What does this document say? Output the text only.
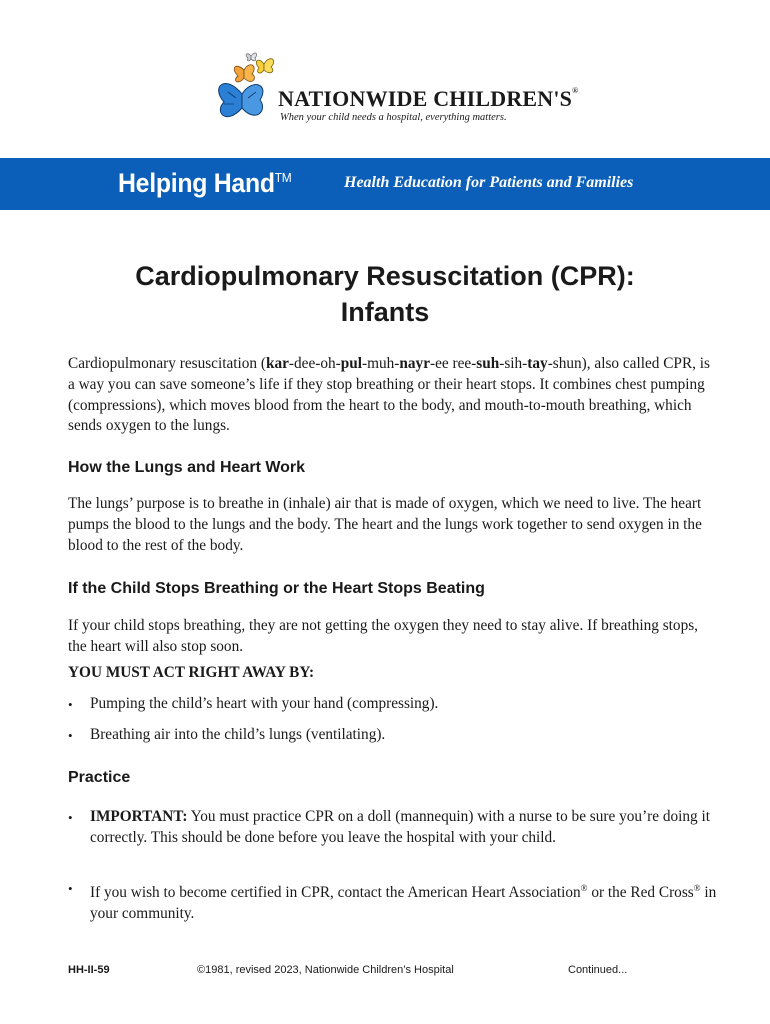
NATIONWIDE CHILDREN'S®
When your child needs a hospital, everything matters.
Helping Hand™	Health Education for Patients and Families
Cardiopulmonary Resuscitation (CPR):
Infants

Cardiopulmonary resuscitation (kar-dee-oh-pul-muh-nayr-ee ree-suh-sih-tay-shun), also called CPR, is a way you can save someone’s life if they stop breathing or their heart stops. It combines chest pumping (compressions), which moves blood from the heart to the body, and mouth-to-mouth breathing, which sends oxygen to the lungs.

How the Lungs and Heart Work

The lungs’ purpose is to breathe in (inhale) air that is made of oxygen, which we need to live. The heart pumps the blood to the lungs and the body. The heart and the lungs work together to send oxygen in the blood to the rest of the body.

If the Child Stops Breathing or the Heart Stops Beating

If your child stops breathing, they are not getting the oxygen they need to stay alive. If breathing stops, the heart will also stop soon.

YOU MUST ACT RIGHT AWAY BY:
•	Pumping the child’s heart with your hand (compressing).
•	Breathing air into the child’s lungs (ventilating).
Practice
•	IMPORTANT: You must practice CPR on a doll (mannequin) with a nurse to be sure you’re doing it correctly. This should be done before you leave the hospital with your child.
•	If you wish to become certified in CPR, contact the American Heart Association® or the Red Cross® in your community.
HH-II-59	©1981, revised 2023, Nationwide Children’s Hospital	Continued...
